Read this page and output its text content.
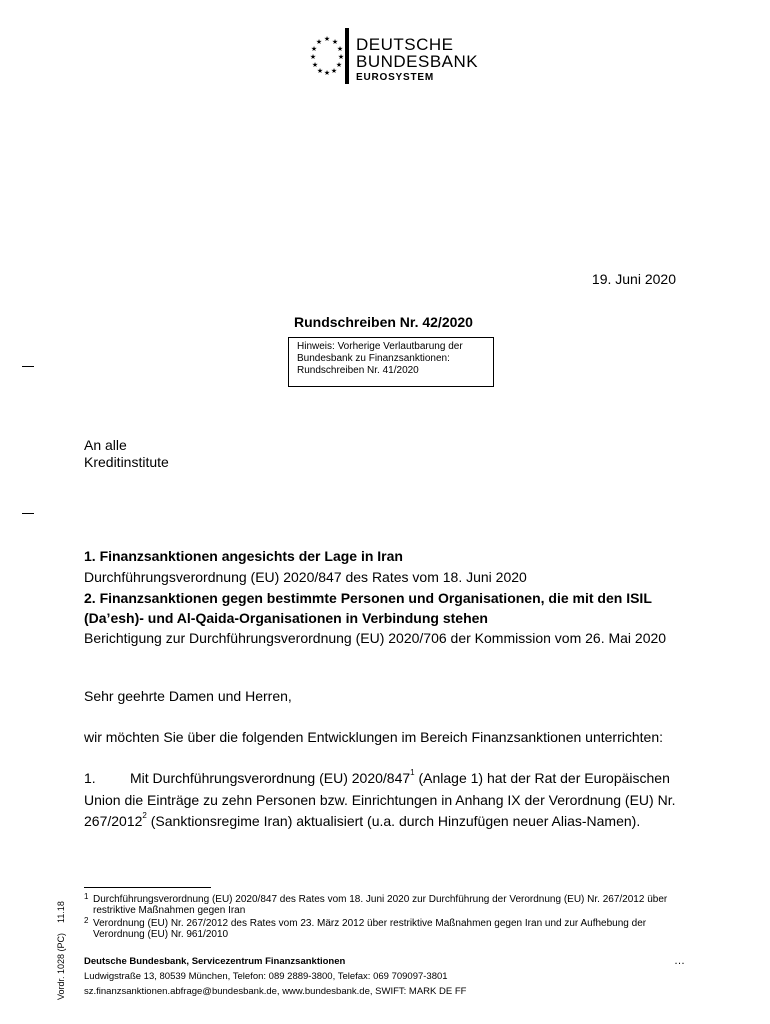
★ ★
★
★
★
★
★
★
★
★
★
★ DEUTSCHE
BUNDESBANK
EUROSYSTEM
19. Juni 2020
Rundschreiben Nr. 42/2020
Hinweis: Vorherige Verlautbarung der
Bundesbank zu Finanzsanktionen:
Rundschreiben Nr. 41/2020
An alle
Kreditinstitute
1. Finanzsanktionen angesichts der Lage in Iran
Durchführungsverordnung (EU) 2020/847 des Rates vom 18. Juni 2020
2. Finanzsanktionen gegen bestimmte Personen und Organisationen, die mit den ISIL
(Da’esh)- und Al-Qaida-Organisationen in Verbindung stehen
Berichtigung zur Durchführungsverordnung (EU) 2020/706 der Kommission vom 26. Mai 2020
Sehr geehrte Damen und Herren,
wir möchten Sie über die folgenden Entwicklungen im Bereich Finanzsanktionen unterrichten:
1. Mit Durchführungsverordnung (EU) $2020/847^1$ (Anlage 1) hat der Rat der Europäischen
Union die Einträge zu zehn Personen bzw. Einrichtungen in Anhang IX der Verordnung (EU) Nr.
267/2012$^2$ (Sanktionsregime Iran) aktualisiert (u.a. durch Hinzufügen neuer Alias-Namen).
1 Durchführungsverordnung (EU) 2020/847 des Rates vom 18. Juni 2020 zur Durchführung der Verordnung (EU) Nr. 267/2012 über restriktive Maßnahmen gegen Iran
2 Verordnung (EU) Nr. 267/2012 des Rates vom 23. März 2012 über restriktive Maßnahmen gegen Iran und zur Aufhebung der Verordnung (EU) Nr. 961/2010
Deutsche Bundesbank, Servicezentrum Finanzsanktionen
Ludwigstraße 13, 80539 München, Telefon: 089 2889-3800, Telefax: 069 709097-3801
sz.finanzsanktionen.abfrage@bundesbank.de, www.bundesbank.de, SWIFT: MARK DE FF
…
Vordr. 1028 (PC)    11.18
